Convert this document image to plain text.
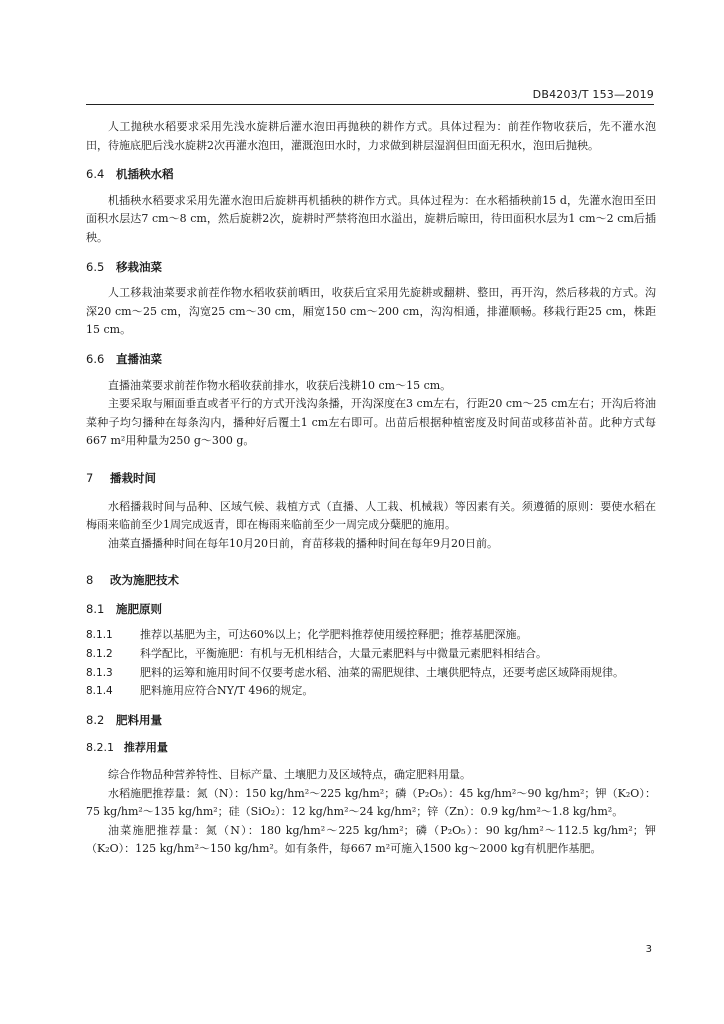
DB4203/T 153—2019

人工抛秧水稻要求采用先浅水旋耕后灌水泡田再抛秧的耕作方式。具体过程为：前茬作物收获后，先不灌水泡田，待施底肥后浅水旋耕2次再灌水泡田，灌溉泡田水时，力求做到耕层湿润但田面无积水，泡田后抛秧。

6.4 机插秧水稻

机插秧水稻要求采用先灌水泡田后旋耕再机插秧的耕作方式。具体过程为：在水稻插秧前15 d，先灌水泡田至田面积水层达7 cm～8 cm，然后旋耕2次，旋耕时严禁将泡田水溢出，旋耕后晾田，待田面积水层为1 cm～2 cm后插秧。

6.5 移栽油菜

人工移栽油菜要求前茬作物水稻收获前晒田，收获后宜采用先旋耕或翻耕、整田，再开沟，然后移栽的方式。沟深20 cm～25 cm，沟宽25 cm～30 cm，厢宽150 cm～200 cm，沟沟相通，排灌顺畅。移栽行距25 cm，株距15 cm。

6.6 直播油菜

直播油菜要求前茬作物水稻收获前排水，收获后浅耕10 cm～15 cm。

主要采取与厢面垂直或者平行的方式开浅沟条播，开沟深度在3 cm左右，行距20 cm～25 cm左右；开沟后将油菜种子均匀播种在每条沟内，播种好后覆土1 cm左右即可。出苗后根据种植密度及时间苗或移苗补苗。此种方式每667 m²用种量为250 g～300 g。

7 播栽时间

水稻播栽时间与品种、区域气候、栽植方式（直播、人工栽、机械栽）等因素有关。须遵循的原则：要使水稻在梅雨来临前至少1周完成返青，即在梅雨来临前至少一周完成分蘖肥的施用。

油菜直播播种时间在每年10月20日前，育苗移栽的播种时间在每年9月20日前。

8 改为施肥技术
8.1 施肥原则

8.1.1 推荐以基肥为主，可达60%以上；化学肥料推荐使用缓控释肥；推荐基肥深施。

8.1.2 科学配比，平衡施肥：有机与无机相结合，大量元素肥料与中微量元素肥料相结合。

8.1.3 肥料的运筹和施用时间不仅要考虑水稻、油菜的需肥规律、土壤供肥特点，还要考虑区域降雨规律。

8.1.4 肥料施用应符合NY/T 496的规定。

8.2 肥料用量
8.2.1 推荐用量

综合作物品种营养特性、目标产量、土壤肥力及区域特点，确定肥料用量。

水稻施肥推荐量：氮（N）：150 kg/hm²～225 kg/hm²；磷（P₂O₅）：45 kg/hm²～90 kg/hm²；钾（K₂O）：75 kg/hm²～135 kg/hm²；硅（SiO₂）：12 kg/hm²～24 kg/hm²；锌（Zn）：0.9 kg/hm²～1.8 kg/hm²。

油菜施肥推荐量：氮（N）：180 kg/hm²～225 kg/hm²；磷（P₂O₅）：90 kg/hm²～112.5 kg/hm²；钾（K₂O）：125 kg/hm²～150 kg/hm²。如有条件，每667 m²可施入1500 kg～2000 kg有机肥作基肥。

3
